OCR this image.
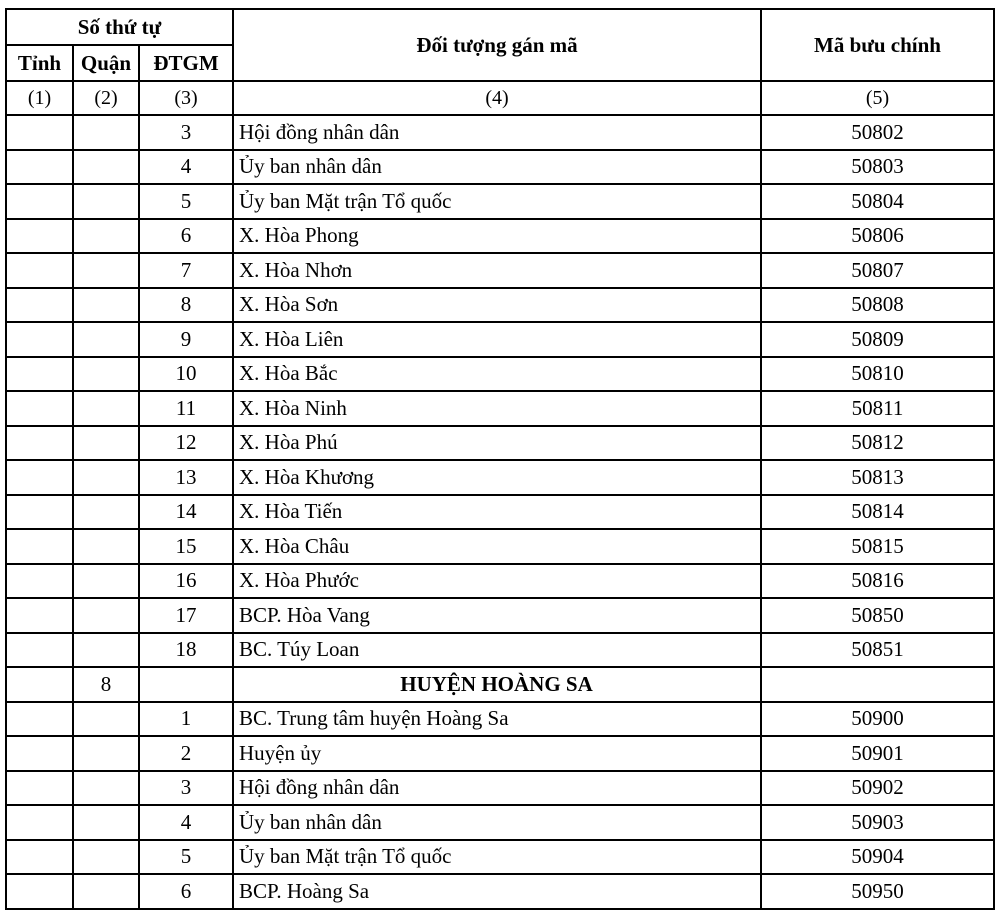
Số thứ tự			Đối tượng gán mã	Mã bưu chính
Tỉnh	Quận	ĐTGM		
(1)	(2)	(3)	(4)	(5)
		3	Hội đồng nhân dân	50802
		4	Ủy ban nhân dân	50803
		5	Ủy ban Mặt trận Tổ quốc	50804
		6	X. Hòa Phong	50806
		7	X. Hòa Nhơn	50807
		8	X. Hòa Sơn	50808
		9	X. Hòa Liên	50809
		10	X. Hòa Bắc	50810
		11	X. Hòa Ninh	50811
		12	X. Hòa Phú	50812
		13	X. Hòa Khương	50813
		14	X. Hòa Tiến	50814
		15	X. Hòa Châu	50815
		16	X. Hòa Phước	50816
		17	BCP. Hòa Vang	50850
		18	BC. Túy Loan	50851
	8		HUYỆN HOÀNG SA	
		1	BC. Trung tâm huyện Hoàng Sa	50900
		2	Huyện ủy	50901
		3	Hội đồng nhân dân	50902
		4	Ủy ban nhân dân	50903
		5	Ủy ban Mặt trận Tổ quốc	50904
		6	BCP. Hoàng Sa	50950
